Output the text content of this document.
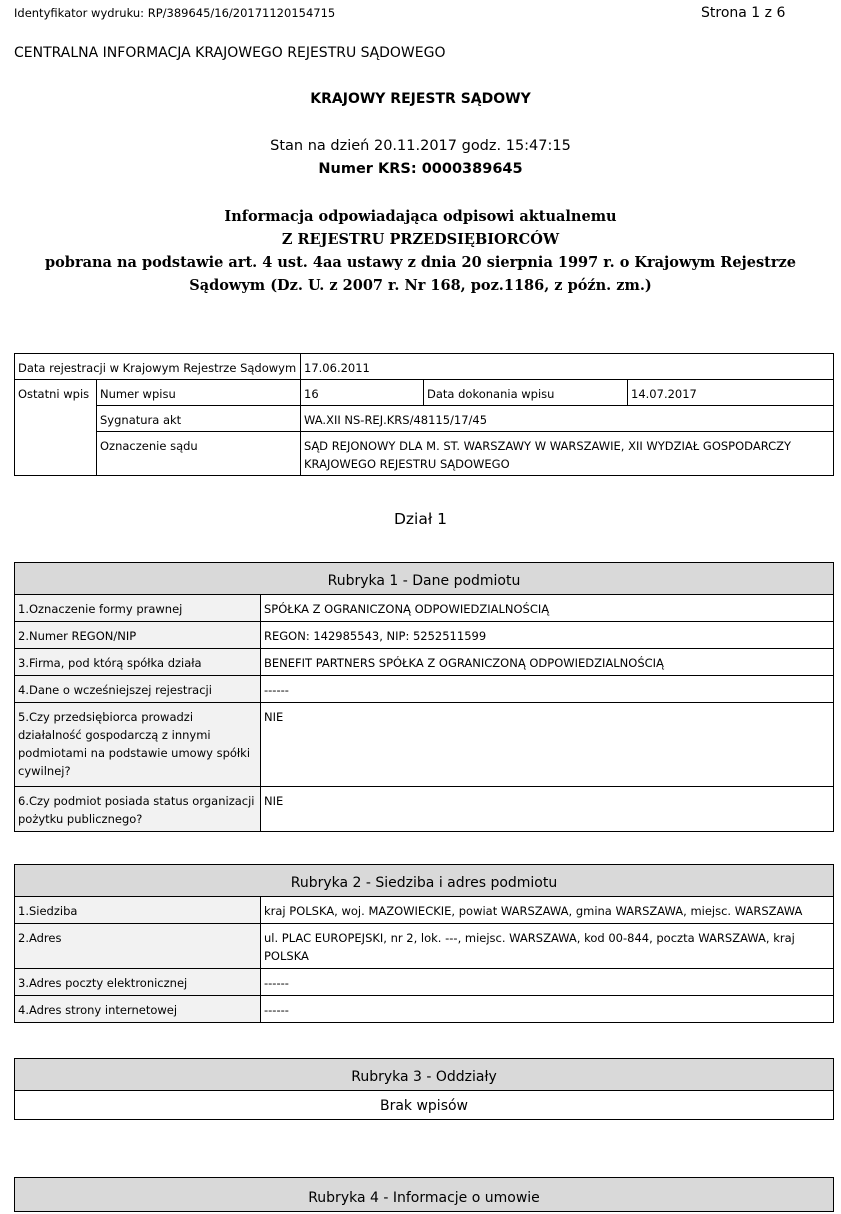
Identyfikator wydruku: RP/389645/16/20171120154715	Strona 1 z 6
CENTRALNA INFORMACJA KRAJOWEGO REJESTRU SĄDOWEGO
KRAJOWY REJESTR SĄDOWY
Stan na dzień 20.11.2017 godz. 15:47:15
Numer KRS: 0000389645
Informacja odpowiadająca odpisowi aktualnemu
Z REJESTRU PRZEDSIĘBIORCÓW
pobrana na podstawie art. 4 ust. 4aa ustawy z dnia 20 sierpnia 1997 r. o Krajowym Rejestrze
Sądowym (Dz. U. z 2007 r. Nr 168, poz.1186, z późn. zm.)
Data rejestracji w Krajowym Rejestrze Sądowym		17.06.2011		
Ostatni wpis	Numer wpisu	16	Data dokonania wpisu	14.07.2017
	Sygnatura akt	WA.XII NS-REJ.KRS/48115/17/45		
	Oznaczenie sądu	SĄD REJONOWY DLA M. ST. WARSZAWY W WARSZAWIE, XII WYDZIAŁ GOSPODARCZY KRAJOWEGO REJESTRU SĄDOWEGO		
Dział 1
Rubryka 1 - Dane podmiotu	
1.Oznaczenie formy prawnej	SPÓŁKA Z OGRANICZONĄ ODPOWIEDZIALNOŚCIĄ
2.Numer REGON/NIP	REGON: 142985543, NIP: 5252511599
3.Firma, pod którą spółka działa	BENEFIT PARTNERS SPÓŁKA Z OGRANICZONĄ ODPOWIEDZIALNOŚCIĄ
4.Dane o wcześniejszej rejestracji	------
5.Czy przedsiębiorca prowadzi działalność gospodarczą z innymi podmiotami na podstawie umowy spółki cywilnej?	NIE
6.Czy podmiot posiada status organizacji pożytku publicznego?	NIE
Rubryka 2 - Siedziba i adres podmiotu	
1.Siedziba	kraj POLSKA, woj. MAZOWIECKIE, powiat WARSZAWA, gmina WARSZAWA, miejsc. WARSZAWA
2.Adres	ul. PLAC EUROPEJSKI, nr 2, lok. ---, miejsc. WARSZAWA, kod 00-844, poczta WARSZAWA, kraj POLSKA
3.Adres poczty elektronicznej	------
4.Adres strony internetowej	------
Rubryka 3 - Oddziały
Brak wpisów
Rubryka 4 - Informacje o umowie
